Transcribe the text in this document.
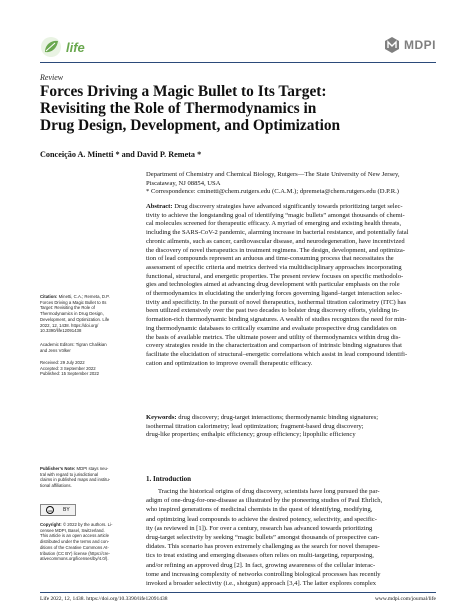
life	MDPI
Review
Forces Driving a Magic Bullet to Its Target:
Revisiting the Role of Thermodynamics in
Drug Design, Development, and Optimization
Conceição A. Minetti * and David P. Remeta *
Department of Chemistry and Chemical Biology, Rutgers—The State University of New Jersey,
Piscataway, NJ 08854, USA
* Correspondence: cminetti@chem.rutgers.edu (C.A.M.); dpremeta@chem.rutgers.edu (D.P.R.)
Abstract: Drug discovery strategies have advanced significantly towards prioritizing target selec-
tivity to achieve the longstanding goal of identifying “magic bullets” amongst thousands of chemi-
cal molecules screened for therapeutic efficacy. A myriad of emerging and existing health threats,
including the SARS-CoV-2 pandemic, alarming increase in bacterial resistance, and potentially fatal
chronic ailments, such as cancer, cardiovascular disease, and neurodegeneration, have incentivized
the discovery of novel therapeutics in treatment regimens. The design, development, and optimiza-
tion of lead compounds represent an arduous and time-consuming process that necessitates the
assessment of specific criteria and metrics derived via multidisciplinary approaches incorporating
functional, structural, and energetic properties. The present review focuses on specific methodolo-
gies and technologies aimed at advancing drug development with particular emphasis on the role
of thermodynamics in elucidating the underlying forces governing ligand–target interaction selec-
tivity and specificity. In the pursuit of novel therapeutics, isothermal titration calorimetry (ITC) has
been utilized extensively over the past two decades to bolster drug discovery efforts, yielding in-
formation-rich thermodynamic binding signatures. A wealth of studies recognizes the need for min-
ing thermodynamic databases to critically examine and evaluate prospective drug candidates on
the basis of available metrics. The ultimate power and utility of thermodynamics within drug dis-
covery strategies reside in the characterization and comparison of intrinsic binding signatures that
facilitate the elucidation of structural–energetic correlations which assist in lead compound identifi-
cation and optimization to improve overall therapeutic efficacy.
Keywords: drug discovery; drug-target interactions; thermodynamic binding signatures;
isothermal titration calorimetry; lead optimization; fragment-based drug discovery;
drug-like properties; enthalpic efficiency; group efficiency; lipophilic efficiency
Citation: Minetti, C.A.; Remeta, D.P.
Forces Driving a Magic Bullet to Its
Target: Revisiting the Role of
Thermodynamics in Drug Design,
Development, and Optimization. Life
2022, 12, 1438. https://doi.org/
10.3390/life12091438
Academic Editors: Tigran Chalikian
and Jens Völker
Received: 29 July 2022
Accepted: 3 September 2022
Published: 15 September 2022
Publisher’s Note: MDPI stays neu-
tral with regard to jurisdictional
claims in published maps and institu-
tional affiliations.
cc	BY
Copyright: © 2022 by the authors. Li-
censee MDPI, Basel, Switzerland.
This article is an open access article
distributed under the terms and con-
ditions of the Creative Commons At-
tribution (CC BY) license (https://cre-
ativecommons.org/licenses/by/4.0/).
1. Introduction
Tracing the historical origins of drug discovery, scientists have long pursued the par-
adigm of one-drug-for-one-disease as illustrated by the pioneering studies of Paul Ehrlich,
who inspired generations of medicinal chemists in the quest of identifying, modifying,
and optimizing lead compounds to achieve the desired potency, selectivity, and specific-
ity (as reviewed in [1]). For over a century, research has advanced towards prioritizing
drug-target selectivity by seeking “magic bullets” amongst thousands of prospective can-
didates. This scenario has proven extremely challenging as the search for novel therapeu-
tics to treat existing and emerging diseases often relies on multi-targeting, repurposing,
and/or refining an approved drug [2]. In fact, growing awareness of the cellular interac-
tome and increasing complexity of networks controlling biological processes has recently
invoked a broader selectivity (i.e., shotgun) approach [3,4]. The latter explores complex
Life 2022, 12, 1438. https://doi.org/10.3390/life12091438	www.mdpi.com/journal/life
